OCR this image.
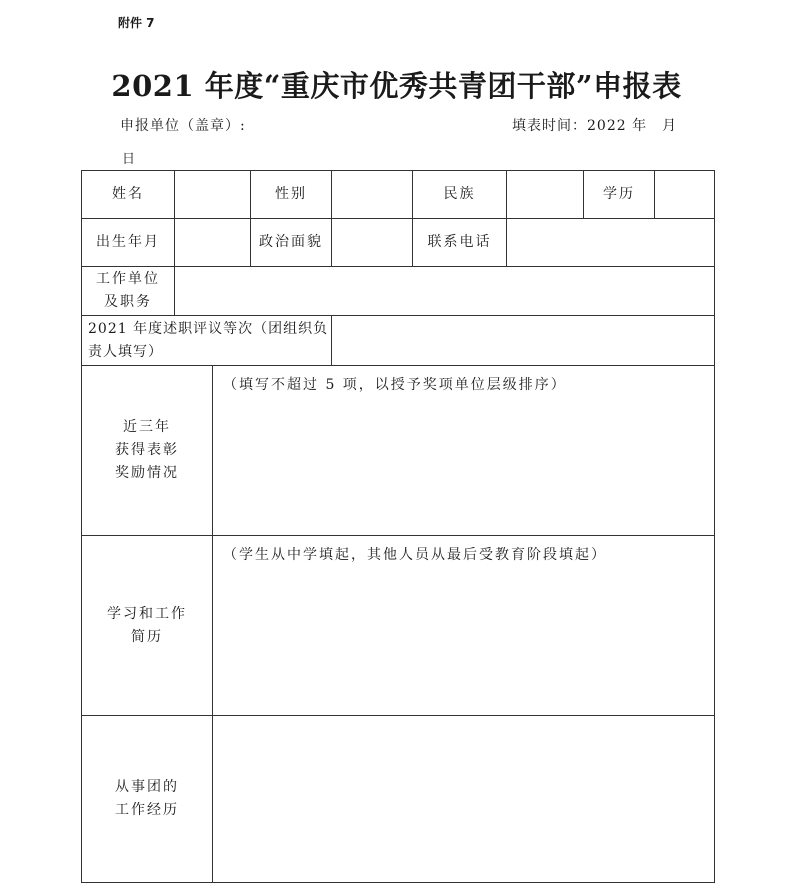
附件 7
2021 年度“重庆市优秀共青团干部”申报表
申报单位（盖章）:	填表时间：2022 年　月
日
姓名			性别		民族		学历	
出生年月			政治面貌		联系电话			

工作单位
及职务								

2021 年度述职评议等次（团组织负责人填写）								

近三年
获得表彰
奖励情况		（填写不超过 5 项，以授予奖项单位层级排序）						

学习和工作
简历		（学生从中学填起，其他人员从最后受教育阶段填起）						

从事团的
工作经历								
